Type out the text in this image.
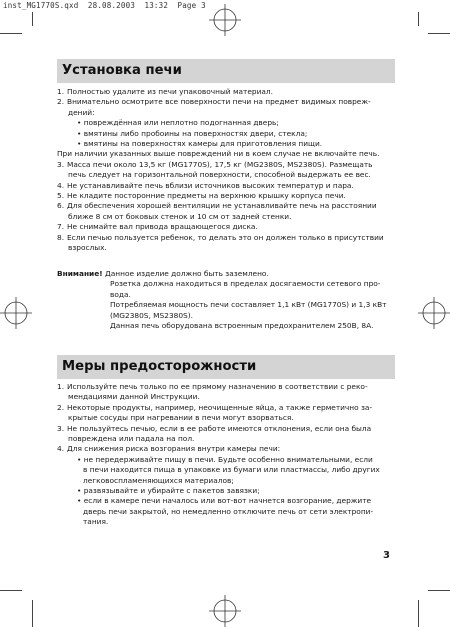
inst_MG1770S.qxd 28.08.2003 13:32 Page 3
Установка печи
1. Полностью удалите из печи упаковочный материал.
2. Внимательно осмотрите все поверхности печи на предмет видимых повреж-
дений:
• повреждённая или неплотно подогнанная дверь;
• вмятины либо пробоины на поверхностях двери, стекла;
• вмятины на поверхностях камеры для приготовления пищи.
При наличии указанных выше повреждений ни в коем случае не включайте печь.
3. Масса печи около 13,5 кг (MG1770S), 17,5 кг (MG2380S, MS2380S). Размещать
печь следует на горизонтальной поверхности, способной выдержать ее вес.
4. Не устанавливайте печь вблизи источников высоких температур и пара.
5. Не кладите посторонние предметы на верхнюю крышку корпуса печи.
6. Для обеспечения хорошей вентиляции не устанавливайте печь на расстоянии
ближе 8 см от боковых стенок и 10 см от задней стенки.
7. Не снимайте вал привода вращающегося диска.
8. Если печью пользуется ребенок, то делать это он должен только в присутствии
взрослых.
Внимание! Данное изделие должно быть заземлено.
Розетка должна находиться в пределах досягаемости сетевого про-
вода.
Потребляемая мощность печи составляет 1,1 кВт (MG1770S) и 1,3 кВт
(MG2380S, MS2380S).
Данная печь оборудована встроенным предохранителем 250В, 8А.
Меры предосторожности
1. Используйте печь только по ее прямому назначению в соответствии с реко-
мендациями данной Инструкции.
2. Некоторые продукты, например, неочищенные яйца, а также герметично за-
крытые сосуды при нагревании в печи могут взорваться.
3. Не пользуйтесь печью, если в ее работе имеются отклонения, если она была
повреждена или падала на пол.
4. Для снижения риска возгорания внутри камеры печи:
• не передерживайте пищу в печи. Будьте особенно внимательными, если
в печи находится пища в упаковке из бумаги или пластмассы, либо других
легковоспламеняющихся материалов;
• развязывайте и убирайте с пакетов завязки;
• если в камере печи началось или вот-вот начнется возгорание, держите
дверь печи закрытой, но немедленно отключите печь от сети электропи-
тания.
3
